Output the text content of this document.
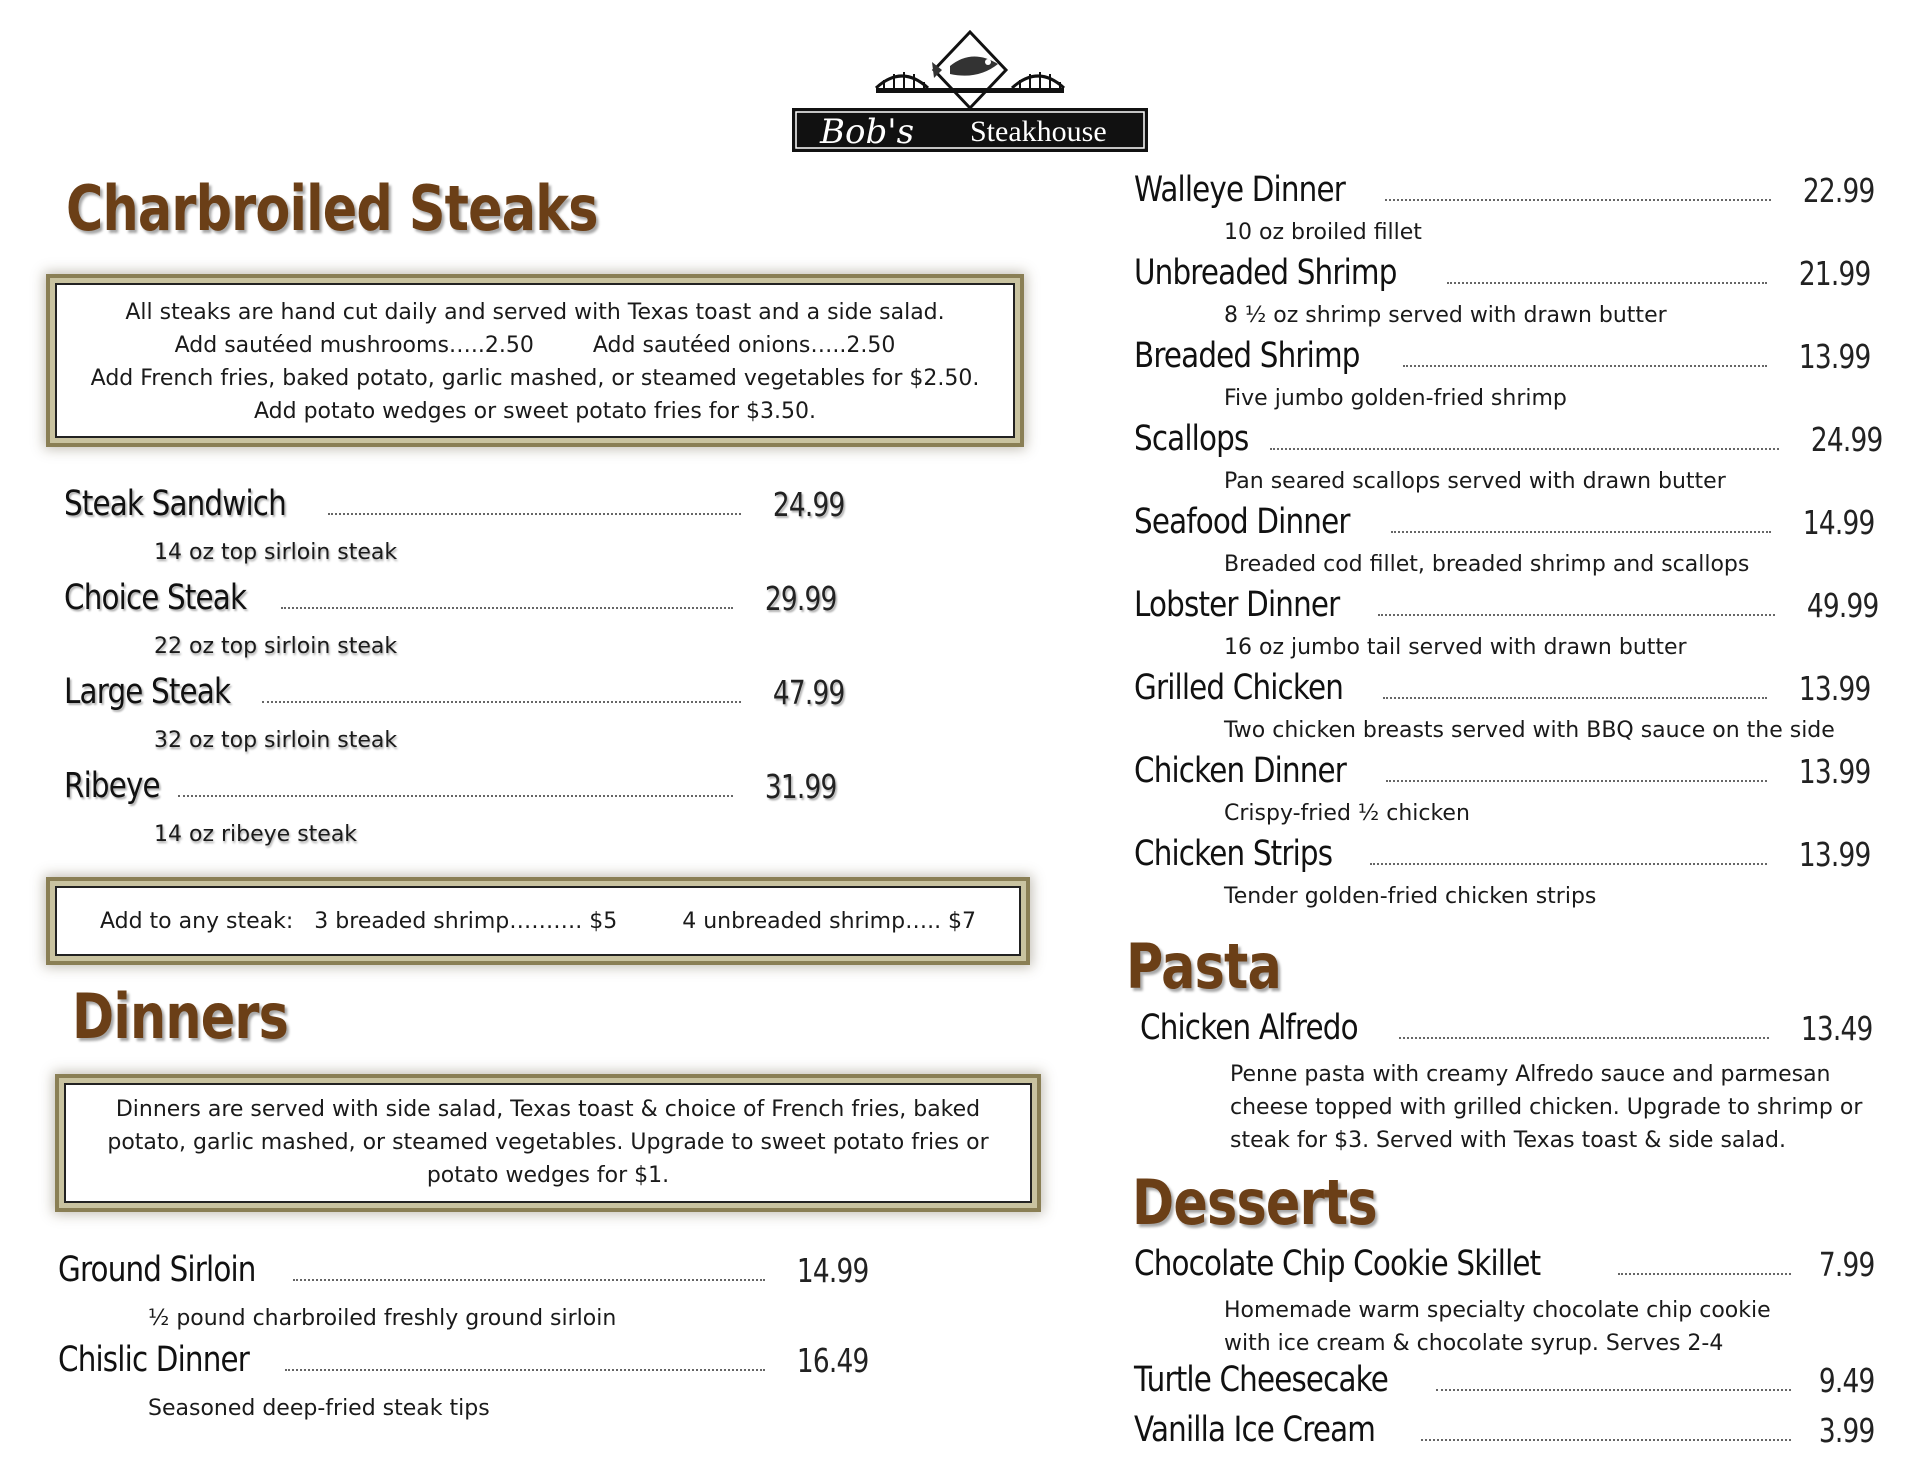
Bob's Steakhouse
Charbroiled Steaks
All steaks are hand cut daily and served with Texas toast and a side salad.
Add sautéed mushrooms…..2.50	Add sautéed onions…..2.50
Add French fries, baked potato, garlic mashed, or steamed vegetables for $2.50.
Add potato wedges or sweet potato fries for $3.50.
Steak Sandwich	24.99
14 oz top sirloin steak
Choice Steak	29.99
22 oz top sirloin steak
Large Steak	47.99
32 oz top sirloin steak
Ribeye	31.99
14 oz ribeye steak
Add to any steak: 3 breaded shrimp………. $5	4 unbreaded shrimp….. $7
Dinners
Dinners are served with side salad, Texas toast & choice of French fries, baked potato, garlic mashed, or steamed vegetables. Upgrade to sweet potato fries or potato wedges for $1.
Ground Sirloin	14.99
½ pound charbroiled freshly ground sirloin
Chislic Dinner	16.49
Seasoned deep-fried steak tips
Walleye Dinner	22.99
10 oz broiled fillet
Unbreaded Shrimp	21.99
8 ½ oz shrimp served with drawn butter
Breaded Shrimp	13.99
Five jumbo golden-fried shrimp
Scallops	24.99
Pan seared scallops served with drawn butter
Seafood Dinner	14.99
Breaded cod fillet, breaded shrimp and scallops
Lobster Dinner	49.99
16 oz jumbo tail served with drawn butter
Grilled Chicken	13.99
Two chicken breasts served with BBQ sauce on the side
Chicken Dinner	13.99
Crispy-fried ½ chicken
Chicken Strips	13.99
Tender golden-fried chicken strips
Pasta
Chicken Alfredo	13.49
Penne pasta with creamy Alfredo sauce and parmesan cheese topped with grilled chicken. Upgrade to shrimp or steak for $3. Served with Texas toast & side salad.
Desserts
Chocolate Chip Cookie Skillet	7.99
Homemade warm specialty chocolate chip cookie with ice cream & chocolate syrup. Serves 2-4
Turtle Cheesecake	9.49
Vanilla Ice Cream	3.99
